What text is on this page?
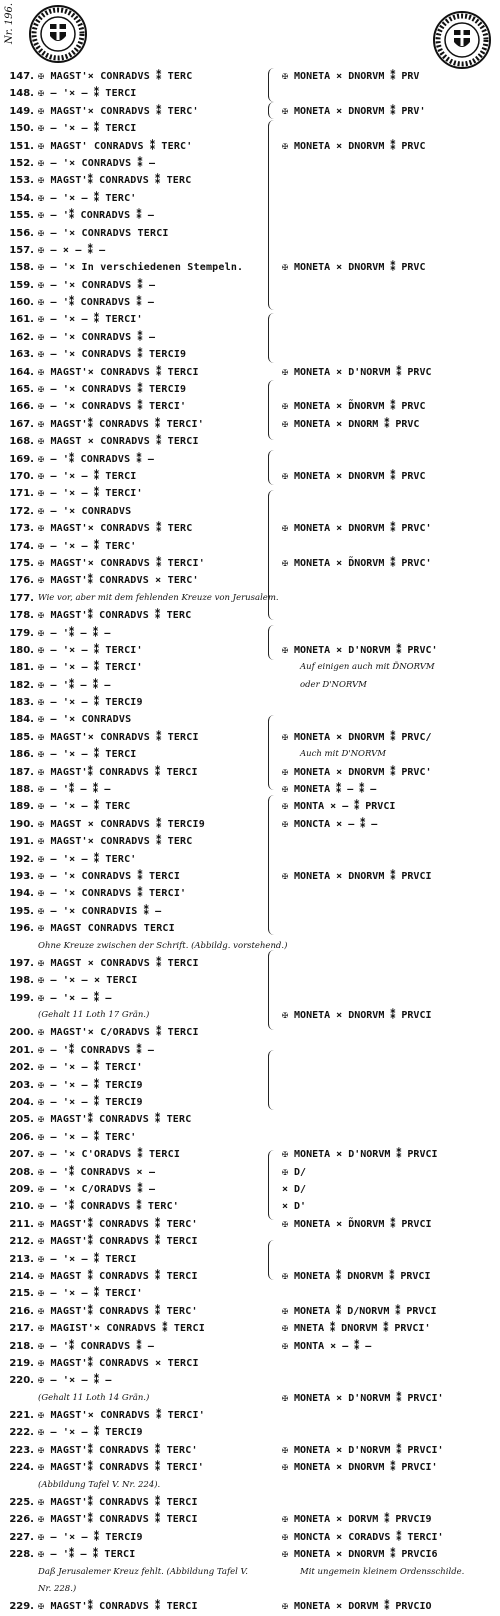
Nr. 196.
147. ✠ MAGST'× CONRADVS ⁑ TERC	✠ MONETA × DNORVM ⁑ PRV
148. ✠ — '× — ⁑ TERCI
149. ✠ MAGST'× CONRADVS ⁑ TERC'	✠ MONETA × DNORVM ⁑ PRV'
150. ✠ — '× — ⁑ TERCI
151. ✠ MAGST' CONRADVS ⁑ TERC'	✠ MONETA × DNORVM ⁑ PRVC
152. ✠ — '× CONRADVS ⁑ —
153. ✠ MAGST'⁑ CONRADVS ⁑ TERC
154. ✠ — '× — ⁑ TERC'
155. ✠ — '⁑ CONRADVS ⁑ —
156. ✠ — '× CONRADVS TERCI
157. ✠ — × — ⁑ —
158. ✠ — '× In verschiedenen Stempeln.	✠ MONETA × DNORVM ⁑ PRVC
159. ✠ — '× CONRADVS ⁑ —
160. ✠ — '⁑ CONRADVS ⁑ —
161. ✠ — '× — ⁑ TERCI'
162. ✠ — '× CONRADVS ⁑ —
163. ✠ — '× CONRADVS ⁑ TERCI9
164. ✠ MAGST'× CONRADVS ⁑ TERCI	✠ MONETA × D'NORVM ⁑ PRVC
165. ✠ — '× CONRADVS ⁑ TERCI9
166. ✠ — '× CONRADVS ⁑ TERCI'	✠ MONETA × D̃NORVM ⁑ PRVC
167. ✠ MAGST'⁑ CONRADVS ⁑ TERCI'	✠ MONETA × DNORM ⁑ PRVC
168. ✠ MAGST × CONRADVS ⁑ TERCI
169. ✠ — '⁑ CONRADVS ⁑ —
170. ✠ — '× — ⁑ TERCI	✠ MONETA × DNORVM ⁑ PRVC
171. ✠ — '× — ⁑ TERCI'
172. ✠ — '× CONRADVS
173. ✠ MAGST'× CONRADVS ⁑ TERC	✠ MONETA × DNORVM ⁑ PRVC'
174. ✠ — '× — ⁑ TERC'
175. ✠ MAGST'× CONRADVS ⁑ TERCI'	✠ MONETA × D̃NORVM ⁑ PRVC'
176. ✠ MAGST'⁑ CONRADVS × TERC'
177. Wie vor, aber mit dem fehlenden Kreuze von Jerusalem.
178. ✠ MAGST'⁑ CONRADVS ⁑ TERC
179. ✠ — '⁑ — ⁑ —
180. ✠ — '× — ⁑ TERCI'	✠ MONETA × D'NORVM ⁑ PRVC'
181. ✠ — '× — ⁑ TERCI'	Auf einigen auch mit D̃NORVM
182. ✠ — '⁑ — ⁑ —	oder D'NORVM
183. ✠ — '× — ⁑ TERCI9
184. ✠ — '× CONRADVS
185. ✠ MAGST'× CONRADVS ⁑ TERCI	✠ MONETA × DNORVM ⁑ PRVC/
186. ✠ — '× — ⁑ TERCI	Auch mit D'NORVM
187. ✠ MAGST'⁑ CONRADVS ⁑ TERCI	✠ MONETA × DNORVM ⁑ PRVC'
188. ✠ — '⁑ — ⁑ —	✠ MONETA ⁑ — ⁑ —
189. ✠ — '× — ⁑ TERC	✠ MONTA × — ⁑ PRVCI
190. ✠ MAGST × CONRADVS ⁑ TERCI9	✠ MONCTA × — ⁑ —
191. ✠ MAGST'× CONRADVS ⁑ TERC
192. ✠ — '× — ⁑ TERC'
193. ✠ — '× CONRADVS ⁑ TERCI	✠ MONETA × DNORVM ⁑ PRVCI
194. ✠ — '× CONRADVS ⁑ TERCI'
195. ✠ — '× CONRADVIS ⁑ —
196. ✠ MAGST CONRADVS TERCI
Ohne Kreuze zwischen der Schrift. (Abbildg. vorstehend.)
197. ✠ MAGST × CONRADVS ⁑ TERCI
198. ✠ — '× — × TERCI
199. ✠ — '× — ⁑ —
(Gehalt 11 Loth 17 Grän.)	✠ MONETA × DNORVM ⁑ PRVCI
200. ✠ MAGST'× C/ORADVS ⁑ TERCI
201. ✠ — '⁑ CONRADVS ⁑ —
202. ✠ — '× — ⁑ TERCI'
203. ✠ — '× — ⁑ TERCI9
204. ✠ — '× — ⁑ TERCI9
205. ✠ MAGST'⁑ CONRADVS ⁑ TERC
206. ✠ — '× — ⁑ TERC'
207. ✠ — '× C'ORADVS ⁑ TERCI	✠ MONETA × D'NORVM ⁑ PRVCI
208. ✠ — '⁑ CONRADVS × —	✠ D/
209. ✠ — '× C/ORADVS ⁑ —	× D/
210. ✠ — '⁑ CONRADVS ⁑ TERC'	× D'
211. ✠ MAGST'⁑ CONRADVS ⁑ TERC'	✠ MONETA × D̃NORVM ⁑ PRVCI
212. ✠ MAGST'⁑ CONRADVS ⁑ TERCI
213. ✠ — '× — ⁑ TERCI
214. ✠ MAGST ⁑ CONRADVS ⁑ TERCI	✠ MONETA ⁑ DNORVM ⁑ PRVCI
215. ✠ — '× — ⁑ TERCI'
216. ✠ MAGST'⁑ CONRADVS ⁑ TERC'	✠ MONETA ⁑ D/NORVM ⁑ PRVCI
217. ✠ MAGIST'× CONRADVS ⁑ TERCI	✠ MNETA ⁑ DNORVM ⁑ PRVCI'
218. ✠ — '⁑ CONRADVS ⁑ —	✠ MONTA × — ⁑ —
219. ✠ MAGST'⁑ CONRADVS × TERCI
220. ✠ — '× — ⁑ —
(Gehalt 11 Loth 14 Grän.)	✠ MONETA × D'NORVM ⁑ PRVCI'
221. ✠ MAGST'× CONRADVS ⁑ TERCI'
222. ✠ — '× — ⁑ TERCI9
223. ✠ MAGST'⁑ CONRADVS ⁑ TERC'	✠ MONETA × D'NORVM ⁑ PRVCI'
224. ✠ MAGST'⁑ CONRADVS ⁑ TERCI'	✠ MONETA × DNORVM ⁑ PRVCI'
(Abbildung Tafel V. Nr. 224).
225. ✠ MAGST'⁑ CONRADVS ⁑ TERCI
226. ✠ MAGST'⁑ CONRADVS ⁑ TERCI	✠ MONETA × DORVM ⁑ PRVCI9
227. ✠ — '× — ⁑ TERCI9	✠ MONCTA × CORADVS ⁑ TERCI'
228. ✠ — '⁑ — ⁑ TERCI	✠ MONETA × DNORVM ⁑ PRVCI6
Daß Jerusalemer Kreuz fehlt. (Abbildung Tafel V.	Mit ungemein kleinem Ordensschilde.
Nr. 228.)
229. ✠ MAGST'⁑ CONRADVS ⁑ TERCI	✠ MONETA × DORVM ⁑ PRVCIO
